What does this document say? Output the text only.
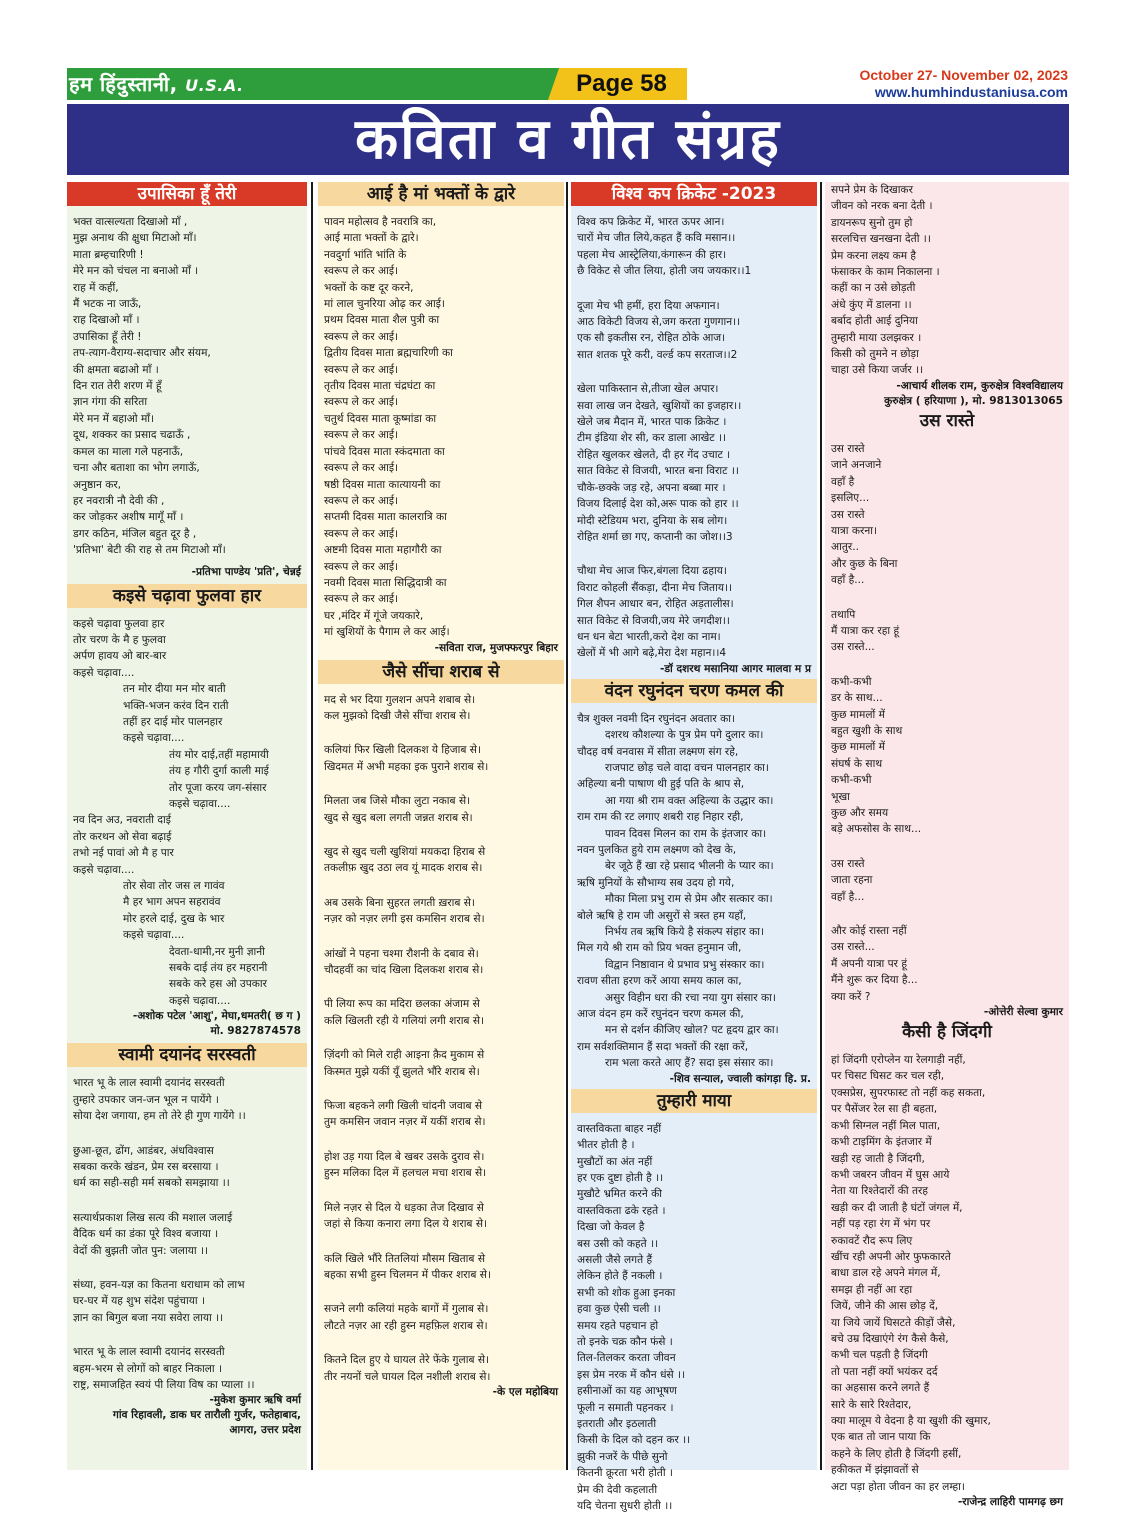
हम हिंदुस्तानी, U.S.A.	Page 58	October 27- November 02, 2023
www.humhindustaniusa.com
कविता व गीत संग्रह
उपासिका हूँ तेरी
भक्त वात्सल्यता दिखाओ माँ ,
मुझ अनाथ की क्षुधा मिटाओ माँ।
माता ब्रम्हचारिणी !
मेरे मन को चंचल ना बनाओ माँ ।
राह में कहीं,
मैं भटक ना जाऊँ,
राह दिखाओ माँ ।
उपासिका हूँ तेरी !
तप-त्याग-वैराग्य-सदाचार और संयम,
की क्षमता बढाओ माँ ।
दिन रात तेरी शरण में हूँ
ज्ञान गंगा की सरिता
मेरे मन में बहाओ माँ।
दूध, शक्कर का प्रसाद चढाऊँ ,
कमल का माला गले पहनाऊँ,
चना और बताशा का भोग लगाऊँ,
अनुष्ठान कर,
हर नवरात्री नौ देवी की ,
कर जोड़कर अशीष मागूँ माँ ।
डगर कठिन, मंजिल बहुत दूर है ,
'प्रतिभा' बेटी की राह से तम मिटाओ माँ।
-प्रतिभा पाण्डेय 'प्रति', चेन्नई
कइसे चढ़ावा फुलवा हार
कइसे चढ़ावा फुलवा हार
तोर चरण के मै ह फुलवा
अर्पण हावय ओ बार-बार
कइसे चढ़ावा....
तन मोर दीया मन मोर बाती
भक्ति-भजन करंव दिन राती
तहीं हर दाई मोर पालनहार
कइसे चढ़ावा....
तंय मोर दाई,तहीं महामायी
तंय ह गौरी दुर्गा काली माई
तोर पूजा करय जग-संसार
कइसे चढ़ावा....
नव दिन अउ, नवराती दाई
तोर करथन ओ सेवा बढ़ाई
तभो नई पावां ओ मै ह पार
कइसे चढ़ावा....
तोर सेवा तोर जस ल गावंव
मै हर भाग अपन सहरावंव
मोर हरले दाई, दुख के भार
कइसे चढ़ावा....
देवता-धामी,नर मुनी ज्ञानी
सबके दाई तंय हर महरानी
सबके करे हस ओ उपकार
कइसे चढ़ावा....
-अशोक पटेल 'आशु', मेघा,धमतरी( छ ग )
मो. 9827874578
स्वामी दयानंद सरस्वती
भारत भू के लाल स्वामी दयानंद सरस्वती
तुम्हारे उपकार जन-जन भूल न पायेंगे ।
सोया देश जगाया, हम तो तेरे ही गुण गायेंगे ।।
छुआ-छूत, ढोंग, आडंबर, अंधविश्वास
सबका करके खंडन, प्रेम रस बरसाया ।
धर्म का सही-सही मर्म सबको समझाया ।।
सत्यार्थप्रकाश लिख सत्य की मशाल जलाई
वैदिक धर्म का डंका पूरे विश्व बजाया ।
वेदों की बुझती जोत पुन: जलाया ।।
संध्या, हवन-यज्ञ का कितना धराधाम को लाभ
घर-घर में यह शुभ संदेश पहुंचाया ।
ज्ञान का बिगुल बजा नया सवेरा लाया ।।
भारत भू के लाल स्वामी दयानंद सरस्वती
बहम-भरम से लोगों को बाहर निकाला ।
राष्ट्र, समाजहित स्वयं पी लिया विष का प्याला ।।
-मुकेश कुमार ऋषि वर्मा
गांव रिहावली, डाक घर तारौली गुर्जर, फतेहाबाद,
आगरा, उत्तर प्रदेश
आई है मां भक्तों के द्वारे
पावन महोत्सव है नवरात्रि का,
आई माता भक्तों के द्वारे।
नवदुर्गा भांति भांति के
स्वरूप ले कर आई।
भक्तों के कष्ट दूर करने,
मां लाल चुनरिया ओढ़ कर आई।
प्रथम दिवस माता शैल पुत्री का
स्वरूप ले कर आई।
द्वितीय दिवस माता ब्रह्मचारिणी का
स्वरूप ले कर आई।
तृतीय दिवस माता चंद्रघंटा का
स्वरूप ले कर आई।
चतुर्थ दिवस माता कूष्मांडा का
स्वरूप ले कर आई।
पांचवे दिवस माता स्कंदमाता का
स्वरूप ले कर आई।
षष्ठी दिवस माता कात्यायनी का
स्वरूप ले कर आई।
सप्तमी दिवस माता कालरात्रि का
स्वरूप ले कर आई।
अष्टमी दिवस माता महागौरी का
स्वरूप ले कर आई।
नवमी दिवस माता सिद्धिदात्री का
स्वरूप ले कर आई।
घर ,मंदिर में गूंजे जयकारे,
मां खुशियों के पैगाम ले कर आई।
-सविता राज, मुजफ्फरपुर बिहार
जैसे सींचा शराब से
मद से भर दिया गुलशन अपने शबाब से।
कल मुझको दिखी जैसे सींचा शराब से।
कलियां फिर खिली दिलकश ये हिजाब से।
खिदमत में अभी महका इक पुराने शराब से।
मिलता जब जिसे मौका लुटा नकाब से।
खुद से खुद बला लगती जन्नत शराब से।
खुद से खुद चली खुशियां मयकदा हिराब से
तकलीफ़ खुद उठा लव यूं मादक शराब से।
अब उसके बिना सुहरत लगती ख़राब से।
नज़र को नज़र लगी इस कमसिन शराब से।
आंखों ने पहना चश्मा रौशनी के दबाव से।
चौदहवीं का चांद खिला दिलकश शराब से।
पी लिया रूप का मदिरा छलका अंजाम से
कलि खिलती रही ये गलियां लगी शराब से।
ज़िंदगी को मिले राही आइना क़ैद मुकाम से
किस्मत मुझे यकीं यूँ झुलते भौंरे शराब से।
फिजा बहकने लगी खिली चांदनी जवाब से
तुम कमसिन जवान नज़र में यकीं शराब से।
होश उड़ गया दिल बे खबर उसके दुराव से।
हुस्न मलिका दिल में हलचल मचा शराब से।
मिले नज़र से दिल ये धड़का तेज दिखाव से
जहां से किया कनारा लगा दिल ये शराब से।
कलि खिले भौंरे तितलियां मौसम खिताब से
बहका सभी हुस्न चिलमन में पीकर शराब से।
सजने लगी कलियां महके बागों में गुलाब से।
लौटते नज़र आ रही हुस्न महफ़िल शराब से।
कितने दिल हुए ये घायल तेरे फेंके गुलाब से।
तीर नयनों चले घायल दिल नशीली शराब से।
-के एल महोबिया
विश्व कप क्रिकेट -2023
विश्व कप क्रिकेट में, भारत ऊपर आन।
चारों मेच जीत लिये,कहत हैं कवि मसान।।
पहला मेच आस्ट्रेलिया,कंगारून की हार।
छै विकेट से जीत लिया, होती जय जयकार।।1
दूजा मेच भी हमीं, हरा दिया अफगान।
आठ विकेटी विजय से,जग करता गुणगान।।
एक सौ इकतीस रन, रोहित ठोके आज।
सात शतक पूरे करी, वर्ल्ड कप सरताज।।2
खेला पाकिस्तान से,तीजा खेल अपार।
सवा लाख जन देखते, खुशियों का इजहार।।
खेले जब मैदान में, भारत पाक क्रिकेट ।
टीम इंडिया शेर सी, कर डाला आखेट ।।
रोहित खुलकर खेलते, दी हर गेंद उचाट ।
सात विकेट से विजयी, भारत बना विराट ।।
चौके-छक्के जड़ रहे, अपना बब्बा मार ।
विजय दिलाई देश को,अरू पाक को हार ।।
मोदी स्टेडियम भरा, दुनिया के सब लोग।
रोहित शर्मा छा गए, कप्तानी का जोश।।3
चौथा मेच आज फिर,बंगला दिया ढहाय।
विराट कोहली सैंकड़ा, दीना मेच जिताय।।
गिल शैपन आधार बन, रोहित अड़तालीस।
सात विकेट से विजयी,जय मेरे जगदीश।।
धन धन बेटा भारती,करो देश का नाम।
खेलों में भी आगे बढ़े,मेरा देश महान।।4
-डॉ दशरथ मसानिया आगर मालवा म प्र
वंदन रघुनंदन चरण कमल की
चैत्र शुक्ल नवमी दिन रघुनंदन अवतार का।
दशरथ कौशल्या के पुत्र प्रेम पगे दुलार का।
चौदह वर्ष वनवास में सीता लक्ष्मण संग रहे,
राजपाट छोड़ चले वादा वचन पालनहार का।
अहिल्या बनी पाषाण थी हुई पति के श्राप से,
आ गया श्री राम वक्त अहिल्या के उद्धार का।
राम राम की रट लगाए शबरी राह निहार रही,
पावन दिवस मिलन का राम के इंतजार का।
नवन पुलकित हुये राम लक्ष्मण को देख के,
बेर जूठे हैं खा रहे प्रसाद भीलनी के प्यार का।
ऋषि मुनियों के सौभाग्य सब उदय हो गये,
मौका मिला प्रभु राम से प्रेम और सत्कार का।
बोले ऋषि हे राम जी असुरों से त्रस्त हम यहाँ,
निर्भय तब ऋषि किये है संकल्प संहार का।
मिल गये श्री राम को प्रिय भक्त हनुमान जी,
विद्वान निष्ठावान थे प्रभाव प्रभु संस्कार का।
रावण सीता हरण करें आया समय काल का,
असुर विहीन धरा की रचा नया युग संसार का।
आज वंदन हम करें रघुनंदन चरण कमल की,
मन से दर्शन कीजिए खोल? पट हृदय द्वार का।
राम सर्वशक्तिमान हैं सदा भक्तों की रक्षा करें,
राम भला करते आए हैं? सदा इस संसार का।
-शिव सन्याल, ज्वाली कांगड़ा हि. प्र.
तुम्हारी माया
वास्तविकता बाहर नहीं
भीतर होती है ।
मुखौटों का अंत नहीं
हर एक दुष्टा होती है ।।
मुखौटे भ्रमित करने की
वास्तविकता ढके रहते ।
दिखा जो केवल है
बस उसी को कहते ।।
असली जैसे लगते हैं
लेकिन होते हैं नकली ।
सभी को शोक हुआ इनका
हवा कुछ ऐसी चली ।।
समय रहते पहचान हो
तो इनके चक्र कौन फंसे ।
तिल-तिलकर करता जीवन
इस प्रेम नरक में कौन धंसे ।।
हसीनाओं का यह आभूषण
फूली न समाती पहनकर ।
इतराती और इठलाती
किसी के दिल को दहन कर ।।
झुकी नजरें के पीछे सुनो
कितनी क्रूरता भरी होती ।
प्रेम की देवी कहलाती
यदि चेतना सुधरी होती ।।
सपने प्रेम के दिखाकर
जीवन को नरक बना देती ।
डायनरूप सुनो तुम हो
सरलचित्त खनखना देती ।।
प्रेम करना लक्ष्य कम है
फंसाकर के काम निकालना ।
कहीं का न उसे छोड़ती
अंधे कुंए में डालना ।।
बर्बाद होती आई दुनिया
तुम्हारी माया उलझकर ।
किसी को तुमने न छोड़ा
चाहा उसे किया जर्जर ।।
-आचार्य शीलक राम, कुरुक्षेत्र विश्वविद्यालय
कुरुक्षेत्र ( हरियाणा ), मो. 9813013065
उस रास्ते
उस रास्ते
जाने अनजाने
वहाँ है
इसलिए...
उस रास्ते
यात्रा करना।
आतुर..
और कुछ के बिना
वहाँ है...
तथापि
मैं यात्रा कर रहा हूं
उस रास्ते...
कभी-कभी
डर के साथ...
कुछ मामलों में
बहुत खुशी के साथ
कुछ मामलों में
संघर्ष के साथ
कभी-कभी
भूखा
कुछ और समय
बड़े अफसोस के साथ...
उस रास्ते
जाता रहना
वहाँ है...
और कोई रास्ता नहीं
उस रास्ते...
मैं अपनी यात्रा पर हूं
मैंने शुरू कर दिया है...
क्या करें ?
-ओत्तेरी सेल्वा कुमार
कैसी है जिंदगी
हां जिंदगी एरोप्लेन या रेलगाड़ी नहीं,
पर चिसट घिसट कर चल रही,
एक्सप्रेस, सुपरफास्ट तो नहीं कह सकता,
पर पैसेंजर रेल सा ही बहता,
कभी सिग्नल नहीं मिल पाता,
कभी टाइमिंग के इंतजार में
खड़ी रह जाती है जिंदगी,
कभी जबरन जीवन में घुस आये
नेता या रिश्तेदारों की तरह
खड़ी कर दी जाती है घंटों जंगल में,
नहीं पड़ रहा रंग में भंग पर
रुकावटें रौद रूप लिए
खींच रही अपनी ओर फुफकारते
बाधा डाल रहे अपने मंगल में,
समझ ही नहीं आ रहा
जियें, जीने की आस छोड़ दें,
या जिये जायें घिसटते कीड़ों जैसे,
बचे उम्र दिखाएंगे रंग कैसे कैसे,
कभी चल पड़ती है जिंदगी
तो पता नहीं क्यों भयंकर दर्द
का अहसास करने लगते हैं
सारे के सारे रिश्तेदार,
क्या मालूम ये वेदना है या खुशी की खुमार,
एक बात तो जान पाया कि
कहने के लिए होती है जिंदगी हसीं,
हकीकत में झंझावतों से
अटा पड़ा होता जीवन का हर लम्हा।
-राजेन्द्र लाहिरी पामगढ़ छग
